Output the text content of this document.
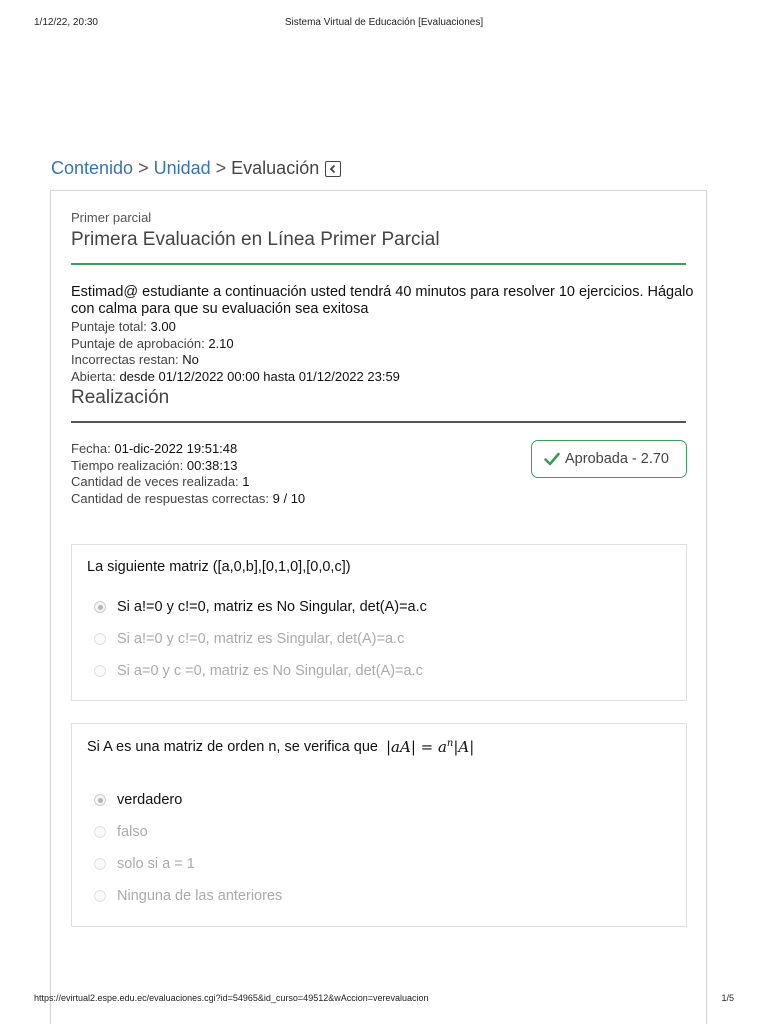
1/12/22, 20:30	Sistema Virtual de Educación [Evaluaciones]
Contenido > Unidad > Evaluación
Primer parcial
Primera Evaluación en Línea Primer Parcial
Estimad@ estudiante a continuación usted tendrá 40 minutos para resolver 10 ejercicios. Hágalo con calma para que su evaluación sea exitosa
Puntaje total: 3.00
Puntaje de aprobación: 2.10
Incorrectas restan: No
Abierta: desde 01/12/2022 00:00 hasta 01/12/2022 23:59
Realización
Fecha: 01-dic-2022 19:51:48
Tiempo realización: 00:38:13
Cantidad de veces realizada: 1
Cantidad de respuestas correctas: 9 / 10
Aprobada - 2.70
La siguiente matriz ([a,0,b],[0,1,0],[0,0,c])
Si a!=0 y c!=0, matriz es No Singular, det(A)=a.c
Si a!=0 y c!=0, matriz es Singular, det(A)=a.c
Si a=0 y c =0, matriz es No Singular, det(A)=a.c
Si A es una matriz de orden n, se verifica que $|aA| = a^n|A|$
verdadero
falso
solo si a = 1
Ninguna de las anteriores
https://evirtual2.espe.edu.ec/evaluaciones.cgi?id=54965&id_curso=49512&wAccion=verevaluacion	1/5
